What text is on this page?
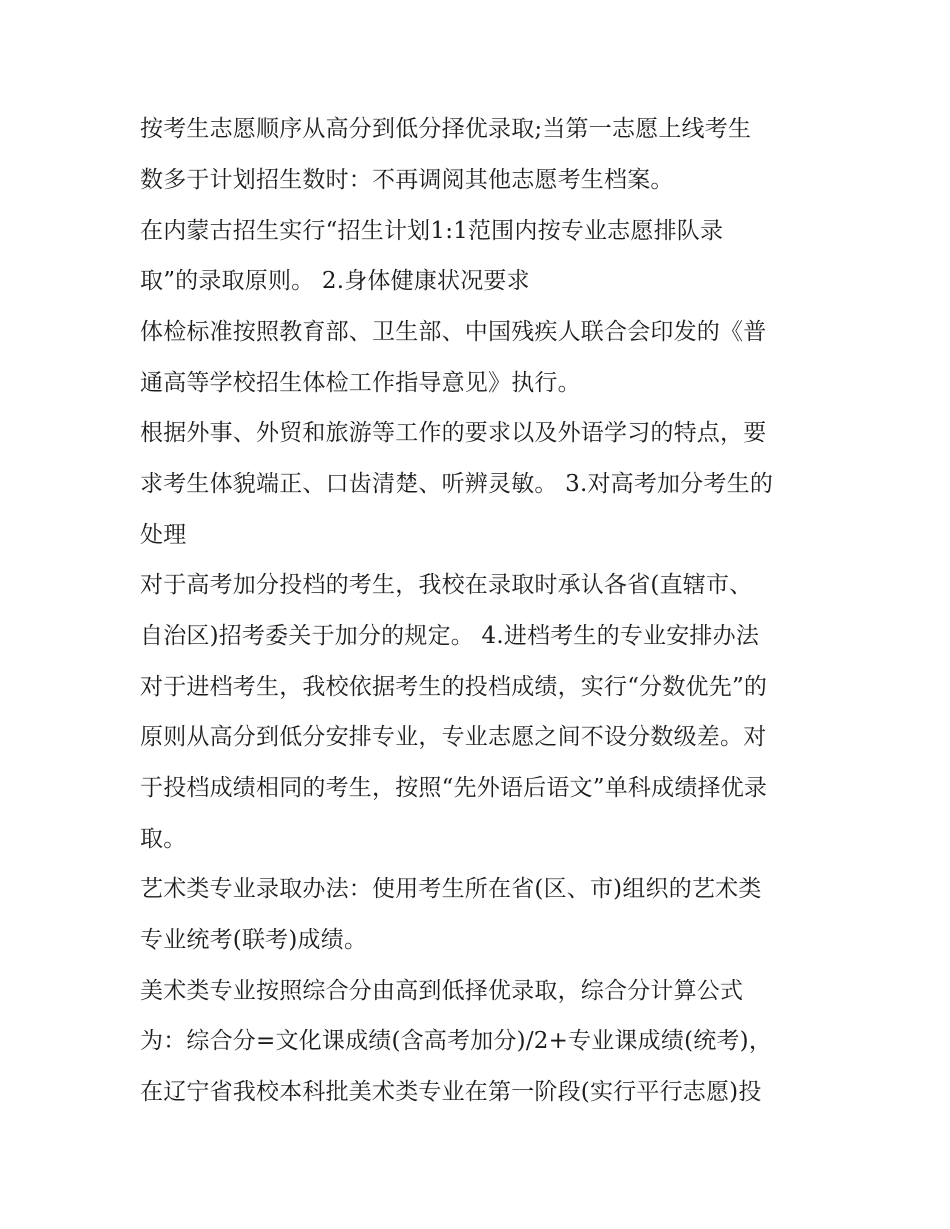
按考生志愿顺序从高分到低分择优录取;当第一志愿上线考生
数多于计划招生数时：不再调阅其他志愿考生档案。
在内蒙古招生实行“招生计划1:1范围内按专业志愿排队录
取”的录取原则。 2.身体健康状况要求
体检标准按照教育部、卫生部、中国残疾人联合会印发的《普
通高等学校招生体检工作指导意见》执行。
根据外事、外贸和旅游等工作的要求以及外语学习的特点，要
求考生体貌端正、口齿清楚、听辨灵敏。 3.对高考加分考生的
处理
对于高考加分投档的考生，我校在录取时承认各省(直辖市、
自治区)招考委关于加分的规定。 4.进档考生的专业安排办法
对于进档考生，我校依据考生的投档成绩，实行“分数优先”的
原则从高分到低分安排专业，专业志愿之间不设分数级差。对
于投档成绩相同的考生，按照“先外语后语文”单科成绩择优录
取。
艺术类专业录取办法：使用考生所在省(区、市)组织的艺术类
专业统考(联考)成绩。
美术类专业按照综合分由高到低择优录取，综合分计算公式
为：综合分=文化课成绩(含高考加分)/2+专业课成绩(统考)，
在辽宁省我校本科批美术类专业在第一阶段(实行平行志愿)投
